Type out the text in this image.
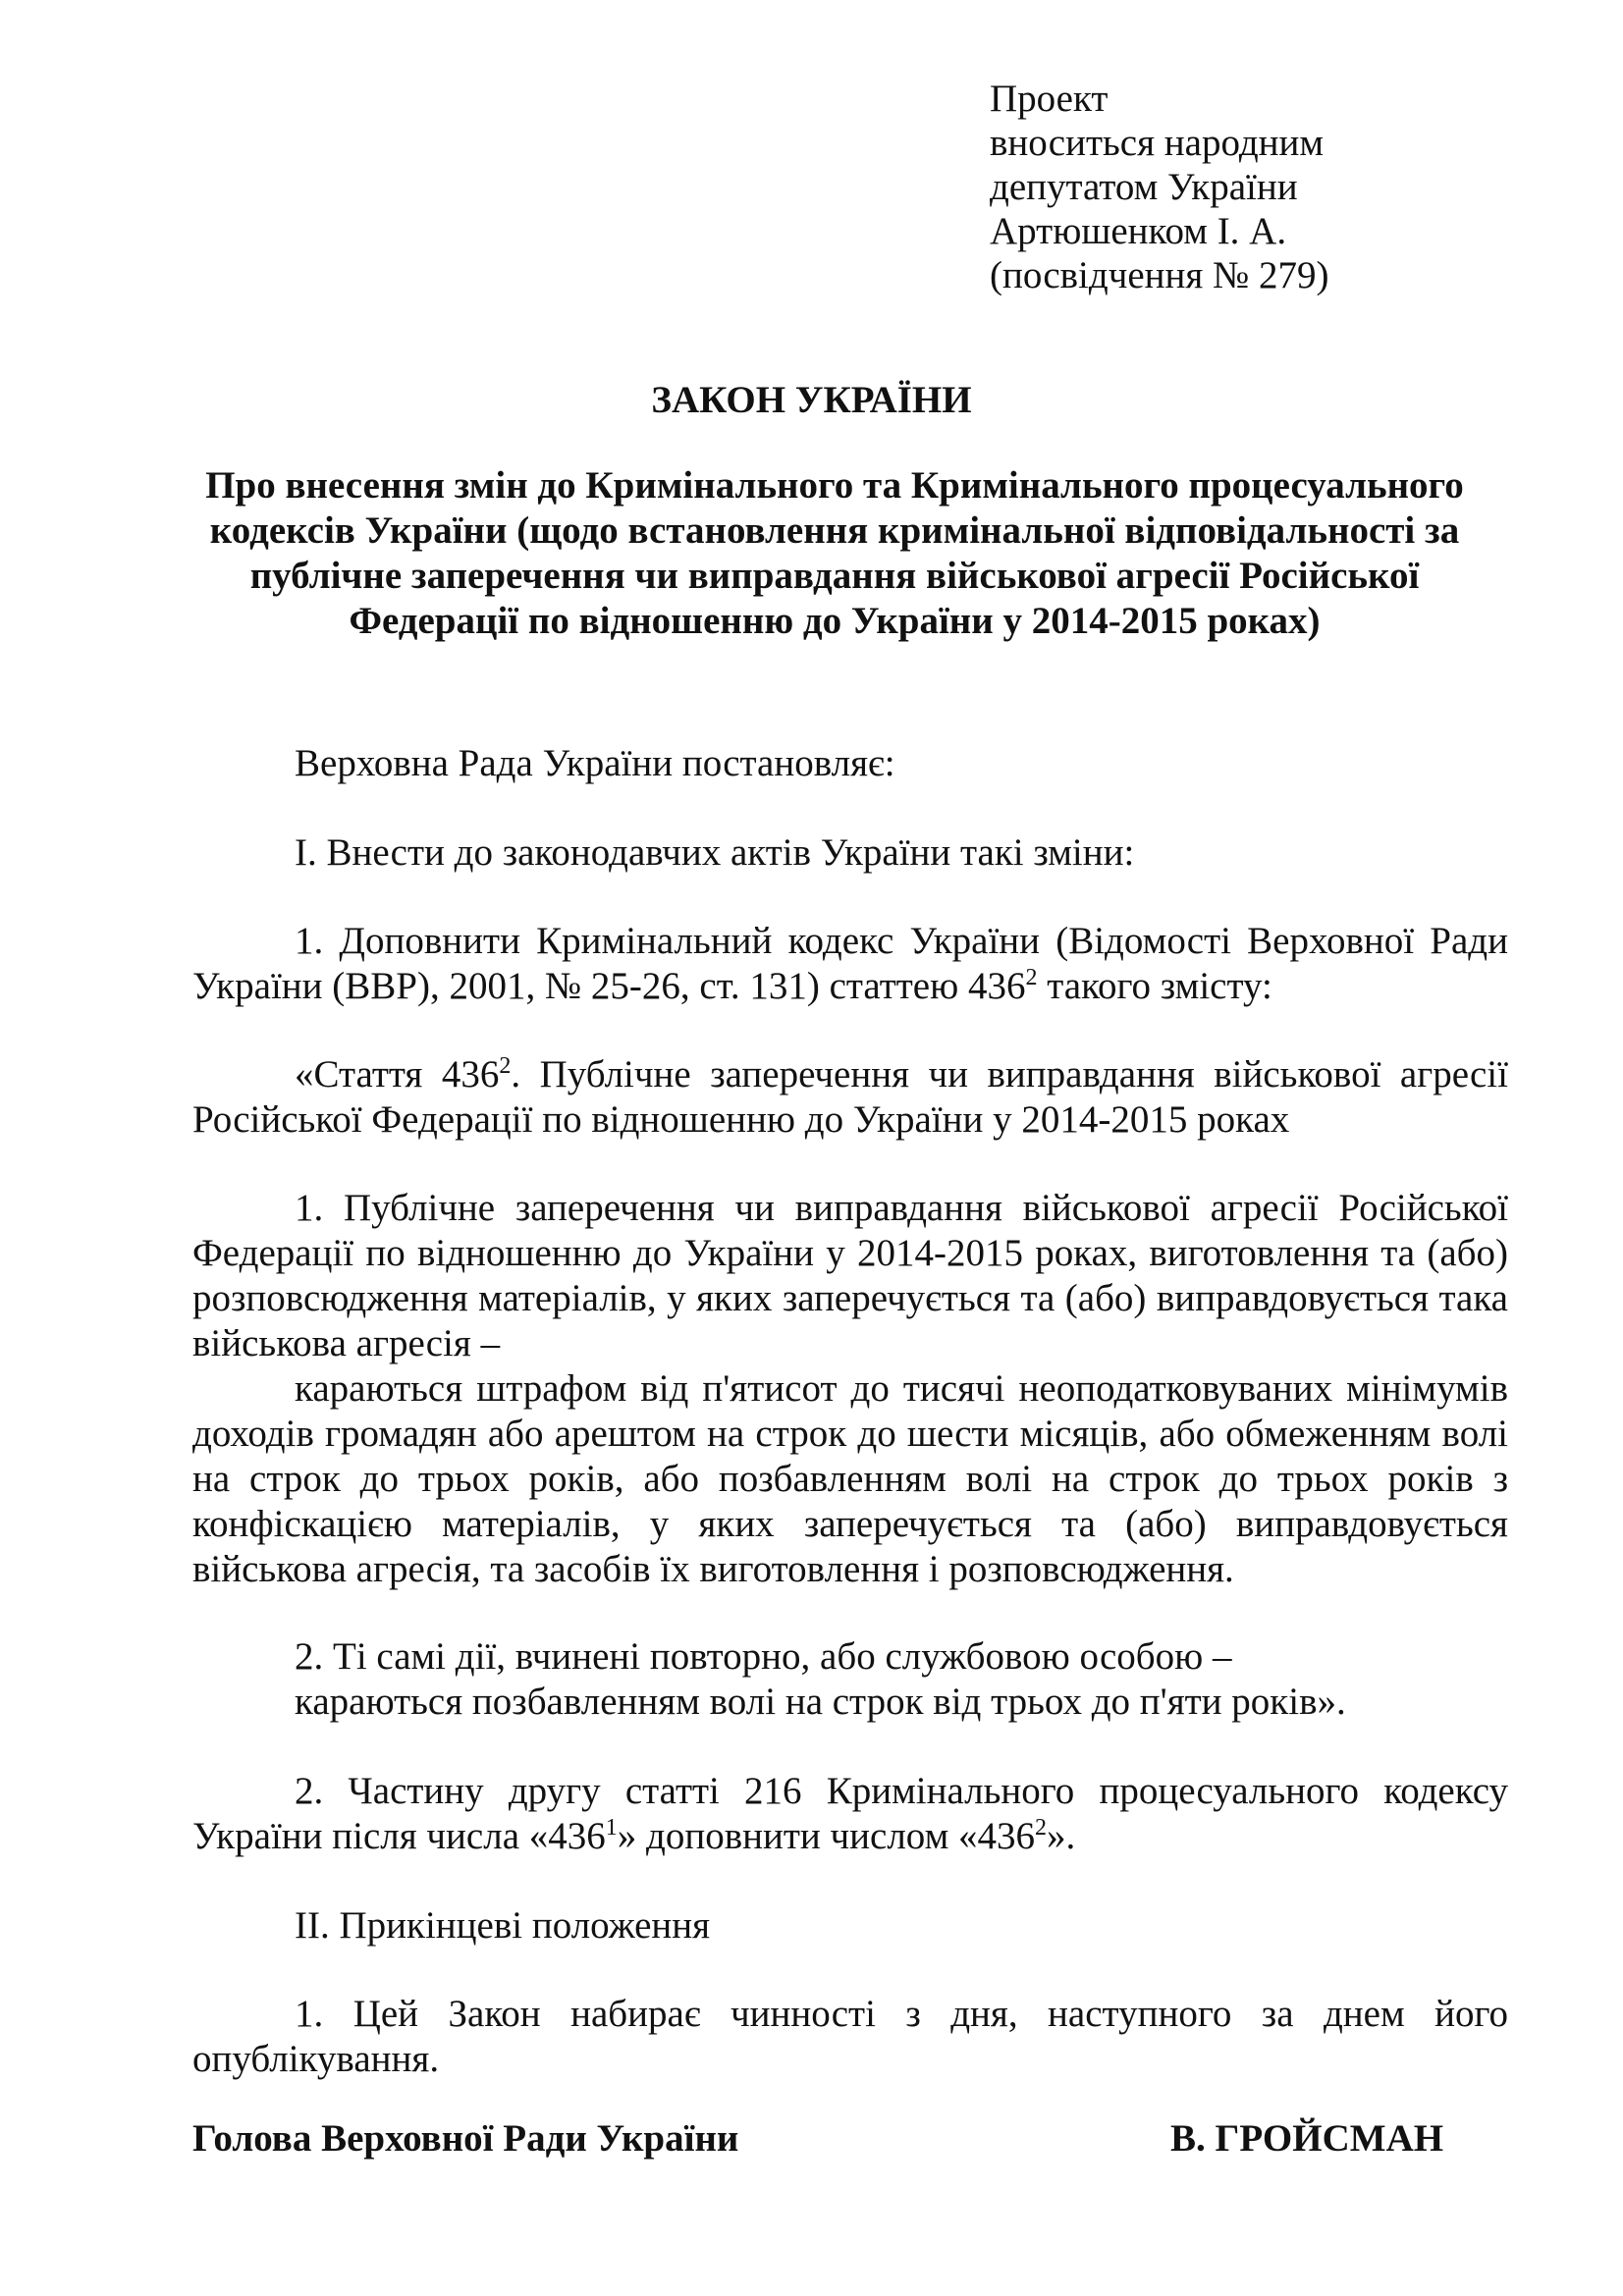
Проект
вноситься народним
депутатом України
Артюшенком І. А.
(посвідчення № 279)
ЗАКОН УКРАЇНИ
Про внесення змін до Кримінального та Кримінального процесуального кодексів України (щодо встановлення кримінальної відповідальності за публічне заперечення чи виправдання військової агресії Російської Федерації по відношенню до України у 2014-2015 роках)

Верховна Рада України постановляє:

І. Внести до законодавчих актів України такі зміни:

1. Доповнити Кримінальний кодекс України (Відомості Верховної Ради України (ВВР), 2001, № 25-26, ст. 131) статтею $436^2$ такого змісту:

«Стаття $436^2$. Публічне заперечення чи виправдання військової агресії Російської Федерації по відношенню до України у 2014-2015 роках

1. Публічне заперечення чи виправдання військової агресії Російської Федерації по відношенню до України у 2014-2015 роках, виготовлення та (або) розповсюдження матеріалів, у яких заперечується та (або) виправдовується така військова агресія –

караються штрафом від п'ятисот до тисячі неоподатковуваних мінімумів доходів громадян або арештом на строк до шести місяців, або обмеженням волі на строк до трьох років, або позбавленням волі на строк до трьох років з конфіскацією матеріалів, у яких заперечується та (або) виправдовується військова агресія, та засобів їх виготовлення і розповсюдження.

2. Ті самі дії, вчинені повторно, або службовою особою –

караються позбавленням волі на строк від трьох до п'яти років».

2. Частину другу статті 216 Кримінального процесуального кодексу України після числа «$436^1$» доповнити числом «$436^2$».

ІІ. Прикінцеві положення

1. Цей Закон набирає чинності з дня, наступного за днем його опублікування.

Голова Верховної Ради України	В. ГРОЙСМАН
